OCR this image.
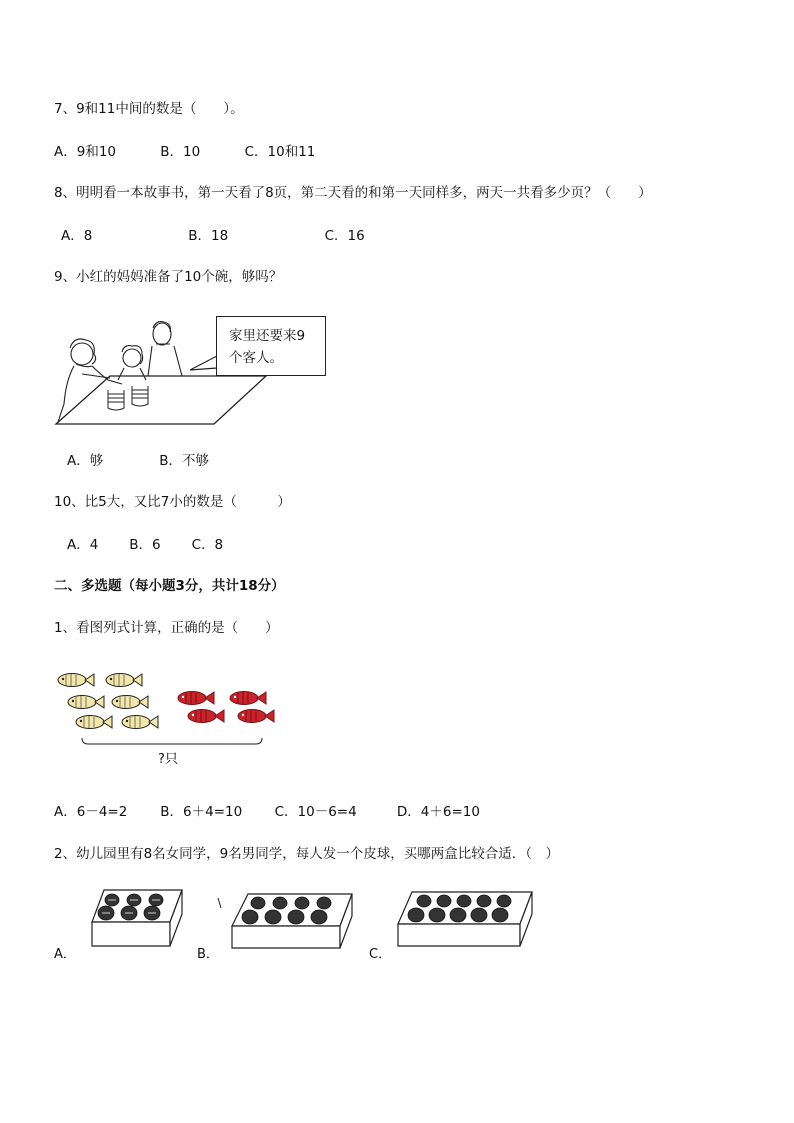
7、9和11中间的数是（　　）。
A．9和10	B．10	C．10和11
8、明明看一本故事书，第一天看了8页，第二天看的和第一天同样多，两天一共看多少页？（　　）
A．8	B．18	C．16
9、小红的妈妈准备了10个碗，够吗？
家里还要来9
个客人。
A．够	B．不够
10、比5大，又比7小的数是（　　　）
A．4 B．6 C．8
二、多选题（每小题3分，共计18分）
1、看图列式计算，正确的是（　　）
?只
A．6－4=2 B．6＋4=10 C．10－6=4	D．4＋6=10
2、幼儿园里有8名女同学，9名男同学，每人发一个皮球，买哪两盒比较合适．（　）
A．	B．	C．
